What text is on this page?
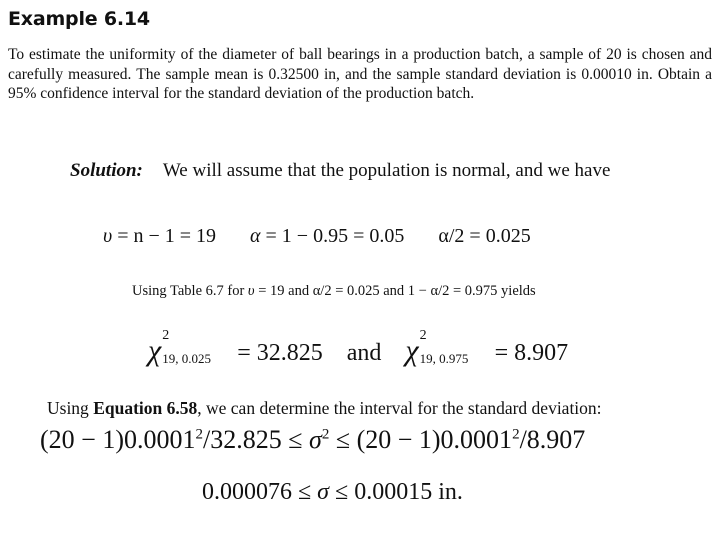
Example 6.14
To estimate the uniformity of the diameter of ball bearings in a production batch, a sample of 20 is chosen and carefully measured. The sample mean is 0.32500 in, and the sample standard deviation is 0.00010 in. Obtain a 95% confidence interval for the standard deviation of the production batch.
Solution: We will assume that the population is normal, and we have
υ = n − 1 = 19 α = 1 − 0.95 = 0.05 α/2 = 0.025
Using Table 6.7 for υ = 19 and α/2 = 0.025 and 1 − α/2 = 0.975 yields
χ 2
19, 0.025 = 32.825 and χ 2
19, 0.975 = 8.907
Using Equation 6.58, we can determine the interval for the standard deviation:
$(20 - 1)0.0001^2/32.825 \le \sigma^2 \le (20 - 1)0.0001^2/8.907$
0.000076 ≤ σ ≤ 0.00015 in.
